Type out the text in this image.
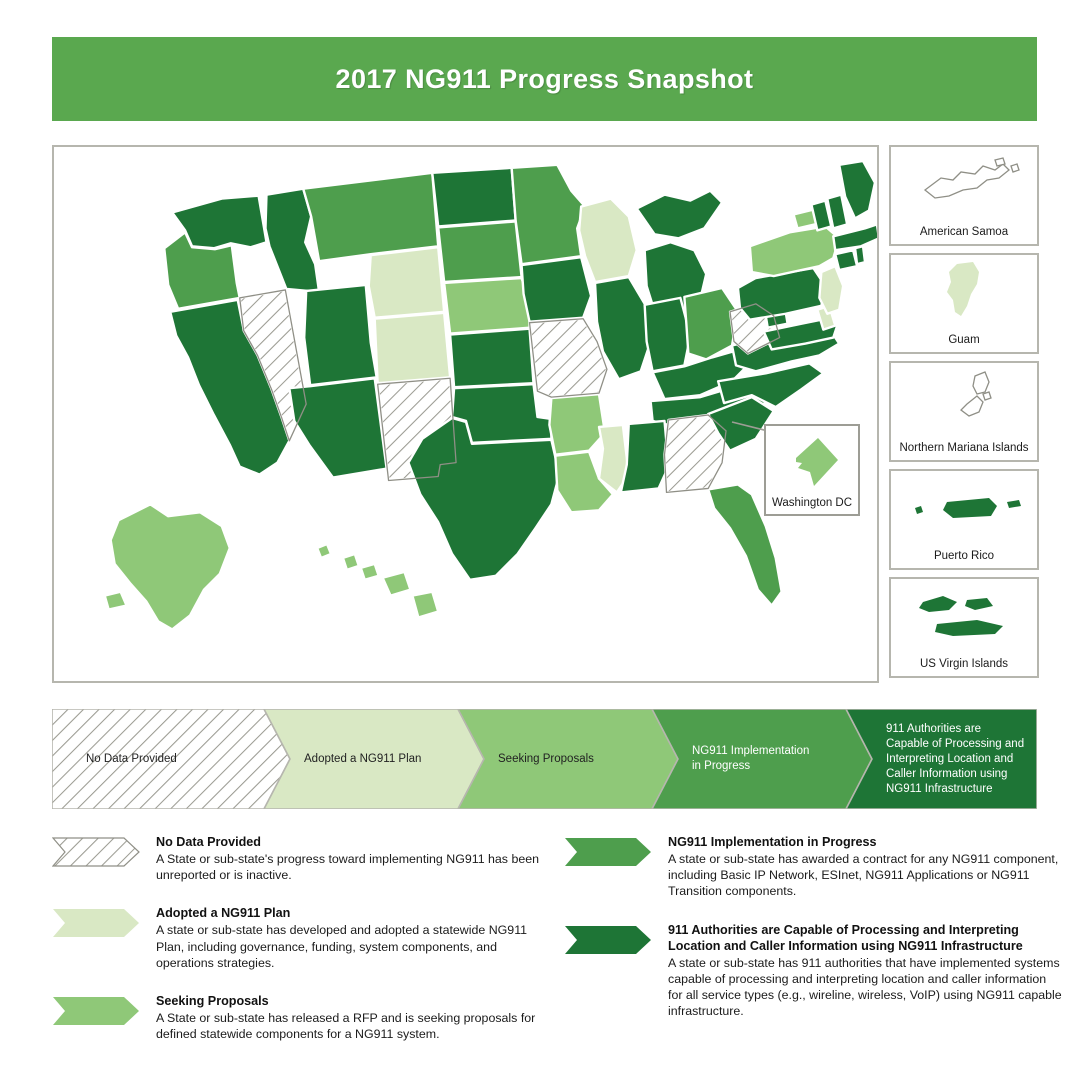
2017 NG911 Progress Snapshot
Washington DC
American Samoa
Guam
Northern Mariana Islands
Puerto Rico
US Virgin Islands
No Data Provided	Adopted a NG911 Plan	Seeking Proposals
NG911 Implementation
in Progress
911 Authorities are
Capable of Processing and
Interpreting Location and
Caller Information using
NG911 Infrastructure
No Data Provided
A State or sub-state's progress toward implementing NG911 has been unreported or is inactive.
Adopted a NG911 Plan
A state or sub-state has developed and adopted a statewide NG911 Plan, including governance, funding, system components, and operations strategies.
Seeking Proposals
A State or sub-state has released a RFP and is seeking proposals for defined statewide components for a NG911 system.
NG911 Implementation in Progress
A state or sub-state has awarded a contract for any NG911 component, including Basic IP Network, ESInet, NG911 Applications or NG911 Transition components.
911 Authorities are Capable of Processing and Interpreting Location and Caller Information using NG911 Infrastructure
A state or sub-state has 911 authorities that have implemented systems capable of processing and interpreting location and caller information for all service types (e.g., wireline, wireless, VoIP) using NG911 capable infrastructure.
